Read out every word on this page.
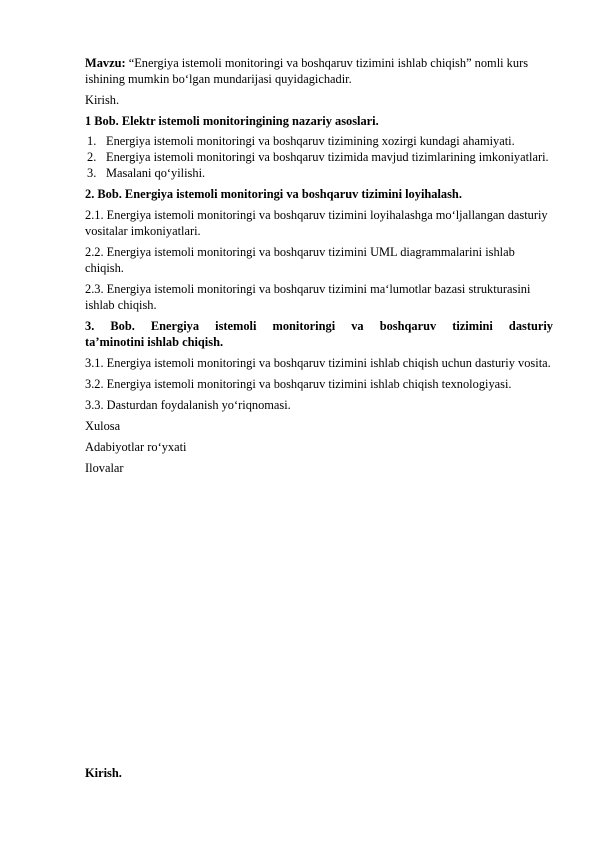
Mavzu: “Energiya istemoli monitoringi va boshqaruv tizimini ishlab chiqish” nomli kurs ishining mumkin bo‘lgan mundarijasi quyidagichadir.

Kirish.

1 Bob. Elektr istemoli monitoringining nazariy asoslari.

1. Energiya istemoli monitoringi va boshqaruv tizimining xozirgi kundagi ahamiyati.
2. Energiya istemoli monitoringi va boshqaruv tizimida mavjud tizimlarining imkoniyatlari.
3. Masalani qo‘yilishi.

2. Bob. Energiya istemoli monitoringi va boshqaruv tizimini loyihalash.

2.1. Energiya istemoli monitoringi va boshqaruv tizimini loyihalashga mo‘ljallangan dasturiy vositalar imkoniyatlari.

2.2. Energiya istemoli monitoringi va boshqaruv tizimini UML diagrammalarini ishlab chiqish.

2.3. Energiya istemoli monitoringi va boshqaruv tizimini ma‘lumotlar bazasi strukturasini ishlab chiqish.

3. Bob. Energiya istemoli monitoringi va boshqaruv tizimini dasturiy
ta’minotini ishlab chiqish.

3.1. Energiya istemoli monitoringi va boshqaruv tizimini ishlab chiqish uchun dasturiy vosita.

3.2. Energiya istemoli monitoringi va boshqaruv tizimini ishlab chiqish texnologiyasi.

3.3. Dasturdan foydalanish yo‘riqnomasi.

Xulosa

Adabiyotlar ro‘yxati

Ilovalar

Kirish.
